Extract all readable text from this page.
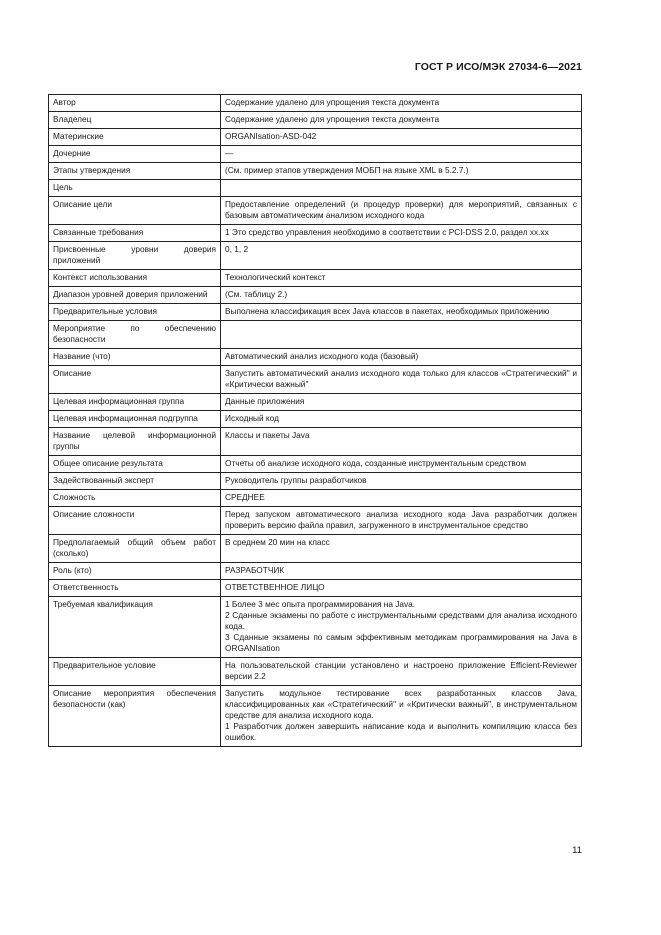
ГОСТ Р ИСО/МЭК 27034-6—2021
Автор	Содержание удалено для упрощения текста документа
Владелец	Содержание удалено для упрощения текста документа
Материнские	ORGANIsation-ASD-042
Дочерние	—
Этапы утверждения	(См. пример этапов утверждения МОБП на языке XML в 5.2.7.)
Цель	
Описание цели	Предоставление определений (и процедур проверки) для мероприятий, связанных с базовым автоматическим анализом исходного кода
Связанные требования	1 Это средство управления необходимо в соответствии с PCI-DSS 2.0, раздел xx.xx
Присвоенные уровни доверия приложений	0, 1, 2
Контекст использования	Технологический контекст
Диапазон уровней доверия приложений	(См. таблицу 2.)
Предварительные условия	Выполнена классификация всех Java классов в пакетах, необходимых приложению
Мероприятие по обеспечению безопасности	
Название (что)	Автоматический анализ исходного кода (базовый)
Описание	Запустить автоматический анализ исходного кода только для классов «Стратегический" и «Критически важный"
Целевая информационная группа	Данные приложения
Целевая информационная подгруппа	Исходный код
Название целевой информационной группы	Классы и пакеты Java
Общее описание результата	Отчеты об анализе исходного кода, созданные инструментальным средством
Задействованный эксперт	Руководитель группы разработчиков
Сложность	СРЕДНЕЕ
Описание сложности	Перед запуском автоматического анализа исходного кода Java разработчик должен проверить версию файла правил, загруженного в инструментальное средство
Предполагаемый общий объем работ (сколько)	В среднем 20 мин на класс
Роль (кто)	РАЗРАБОТЧИК
Ответственность	ОТВЕТСТВЕННОЕ ЛИЦО
Требуемая квалификация	1 Более 3 мес опыта программирования на Java.
2 Сданные экзамены по работе с инструментальными средствами для анализа исходного кода.
3 Сданные экзамены по самым эффективным методикам программирования на Java в ORGANIsation

Предварительное условие	На пользовательской станции установлено и настроено приложение Efficient-Reviewer версии 2.2
Описание мероприятия обеспечения безопасности (как)	Запустить модульное тестирование всех разработанных классов Java, классифицированных как «Стратегический" и «Критически важный", в инструментальном средстве для анализа исходного кода.
1 Разработчик должен завершить написание кода и выполнить компиляцию класса без ошибок.
11
